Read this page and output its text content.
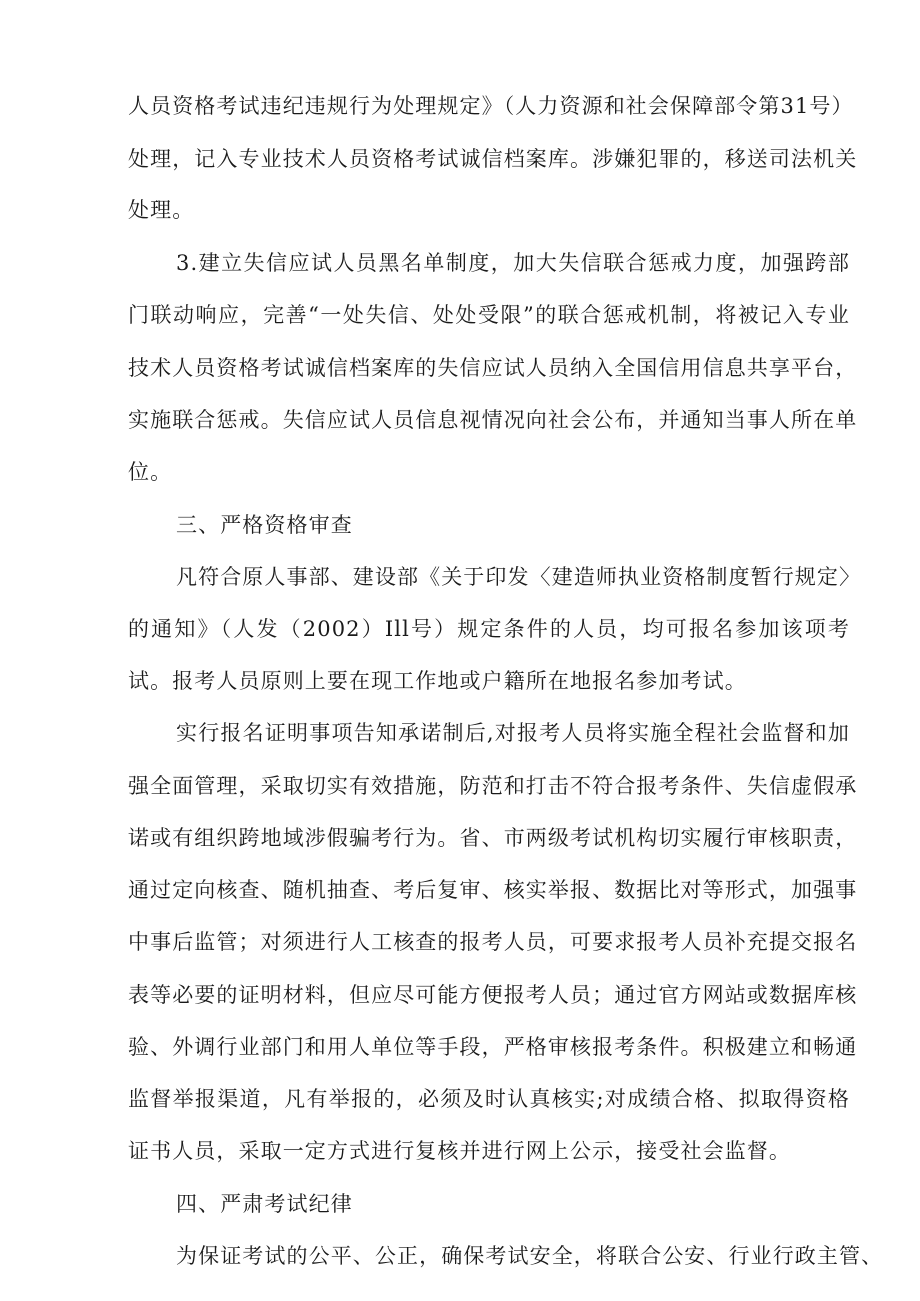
人员资格考试违纪违规行为处理规定》（人力资源和社会保障部令第31号）
处理，记入专业技术人员资格考试诚信档案库。涉嫌犯罪的，移送司法机关
处理。
3.建立失信应试人员黑名单制度，加大失信联合惩戒力度，加强跨部
门联动响应，完善“一处失信、处处受限”的联合惩戒机制，将被记入专业
技术人员资格考试诚信档案库的失信应试人员纳入全国信用信息共享平台，
实施联合惩戒。失信应试人员信息视情况向社会公布，并通知当事人所在单
位。
三、严格资格审查
凡符合原人事部、建设部《关于印发〈建造师执业资格制度暂行规定〉
的通知》（人发（2002）Ill号）规定条件的人员，均可报名参加该项考
试。报考人员原则上要在现工作地或户籍所在地报名参加考试。
实行报名证明事项告知承诺制后,对报考人员将实施全程社会监督和加
强全面管理，采取切实有效措施，防范和打击不符合报考条件、失信虚假承
诺或有组织跨地域涉假骗考行为。省、市两级考试机构切实履行审核职责，
通过定向核查、随机抽查、考后复审、核实举报、数据比对等形式，加强事
中事后监管；对须进行人工核查的报考人员，可要求报考人员补充提交报名
表等必要的证明材料，但应尽可能方便报考人员；通过官方网站或数据库核
验、外调行业部门和用人单位等手段，严格审核报考条件。积极建立和畅通
监督举报渠道，凡有举报的，必须及时认真核实;对成绩合格、拟取得资格
证书人员，采取一定方式进行复核并进行网上公示，接受社会监督。
四、严肃考试纪律
为保证考试的公平、公正，确保考试安全，将联合公安、行业行政主管、
